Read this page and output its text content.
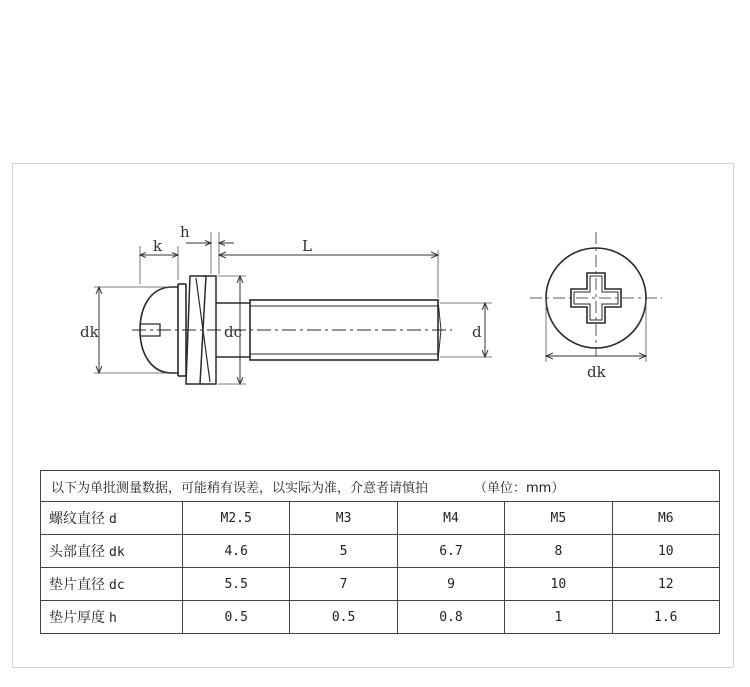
k
h
L
dk	dc	d
dk
以下为单批测量数据，可能稍有误差，以实际为准，介意者请慎拍 （单位：mm）					
螺纹直径 d	M2.5	M3	M4	M5	M6
头部直径 dk	4.6	5	6.7	8	10
垫片直径 dc	5.5	7	9	10	12
垫片厚度 h	0.5	0.5	0.8	1	1.6
